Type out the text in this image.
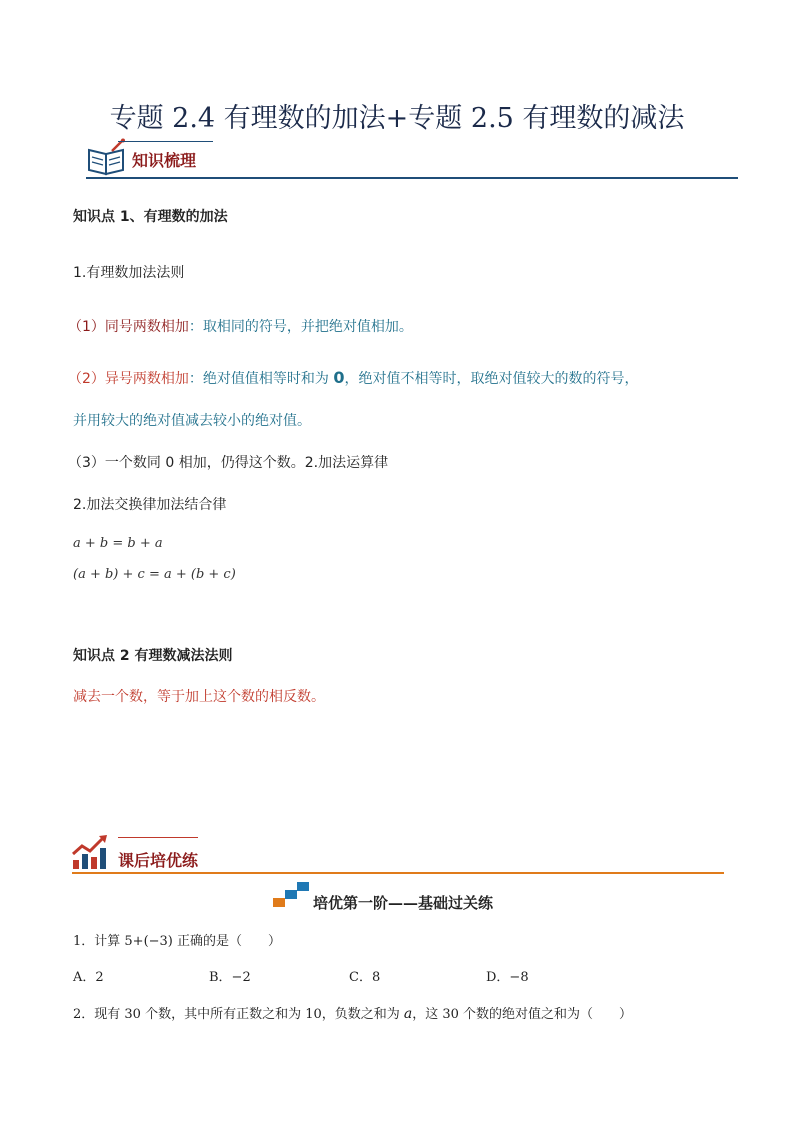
专题 2.4 有理数的加法+专题 2.5 有理数的减法
知识梳理
知识点 1、有理数的加法
1.有理数加法法则
（1）同号两数相加：取相同的符号，并把绝对值相加。
（2）异号两数相加：绝对值值相等时和为 0，绝对值不相等时，取绝对值较大的数的符号，
并用较大的绝对值减去较小的绝对值。
（3）一个数同 0 相加，仍得这个数。2.加法运算律
2.加法交换律加法结合律
a + b = b + a
(a + b) + c = a + (b + c)
知识点 2 有理数减法法则
减去一个数，等于加上这个数的相反数。
课后培优练
培优第一阶——基础过关练
1．计算 5+(−3) 正确的是（　　）
A．2	B．−2	C．8	D．−8
2．现有 30 个数，其中所有正数之和为 10，负数之和为 a，这 30 个数的绝对值之和为（　　）
